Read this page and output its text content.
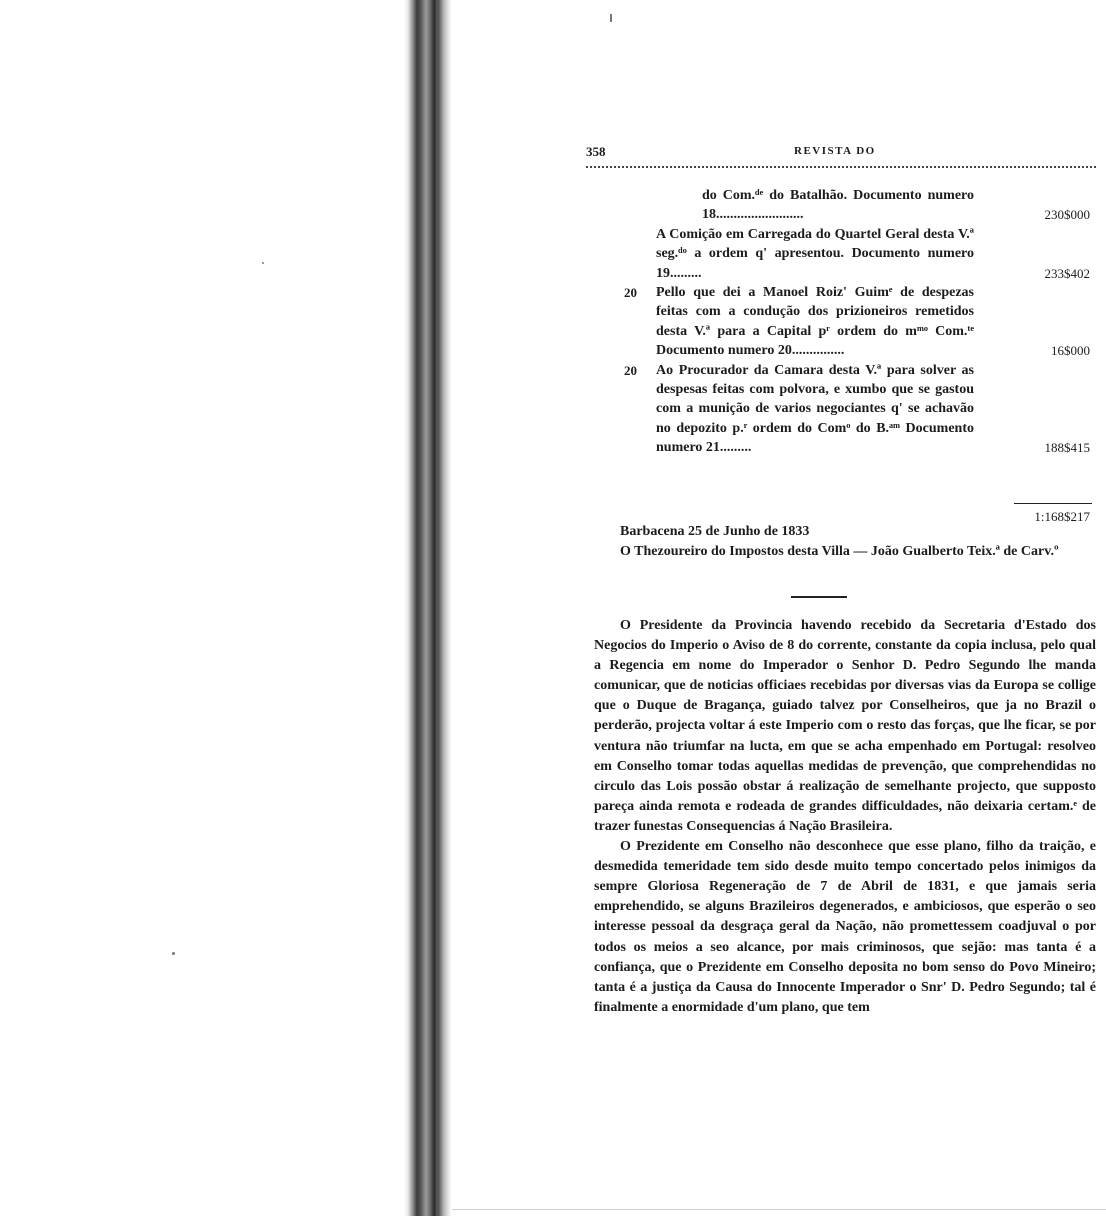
358	REVISTA DO
do Com.ᵈᵉ do Batalhão. Documento numero 18.........................	230$000
A Comição em Carregada do Quartel Geral desta V.ª seg.ᵈᵒ a ordem q' apresentou. Documento numero 19.........	233$402
20 Pello que dei a Manoel Roiz' Guimᵉ de despezas feitas com a condução dos prizioneiros remetidos desta V.ª para a Capital pʳ ordem do mᵐᵒ Com.ᵗᵉ Documento numero 20...............	16$000
20 Ao Procurador da Camara desta V.ª para solver as despesas feitas com polvora, e xumbo que se gastou com a munição de varios negociantes q' se achavão no depozito p.ʳ ordem do Comᵒ do B.ᵃᵐ Documento numero 21.........	188$415
1:168$217
Barbacena 25 de Junho de 1833
O Thezoureiro do Impostos desta Villa — João Gualberto Teix.ª de Carv.º

O Presidente da Provincia havendo recebido da Secretaria d'Estado dos Negocios do Imperio o Aviso de 8 do corrente, constante da copia inclusa, pelo qual a Regencia em nome do Imperador o Senhor D. Pedro Segundo lhe manda comunicar, que de noticias officiaes recebidas por diversas vias da Europa se collige que o Duque de Bragança, guiado talvez por Conselheiros, que ja no Brazil o perderão, projecta voltar á este Imperio com o resto das forças, que lhe ficar, se por ventura não triumfar na lucta, em que se acha empenhado em Portugal: resolveo em Conselho tomar todas aquellas medidas de prevenção, que comprehendidas no circulo das Lois possão obstar á realização de semelhante projecto, que supposto pareça ainda remota e rodeada de grandes difficuldades, não deixaria certam.ᵉ de trazer funestas Consequencias á Nação Brasileira.

O Prezidente em Conselho não desconhece que esse plano, filho da traição, e desmedida temeridade tem sido desde muito tempo concertado pelos inimigos da sempre Gloriosa Regeneração de 7 de Abril de 1831, e que jamais seria emprehendido, se alguns Brazileiros degenerados, e ambiciosos, que esperão o seo interesse pessoal da desgraça geral da Nação, não promettessem coadjuval o por todos os meios a seo alcance, por mais criminosos, que sejão: mas tanta é a confiança, que o Prezidente em Conselho deposita no bom senso do Povo Mineiro; tanta é a justiça da Causa do Innocente Imperador o Snr' D. Pedro Segundo; tal é finalmente a enormidade d'um plano, que tem
